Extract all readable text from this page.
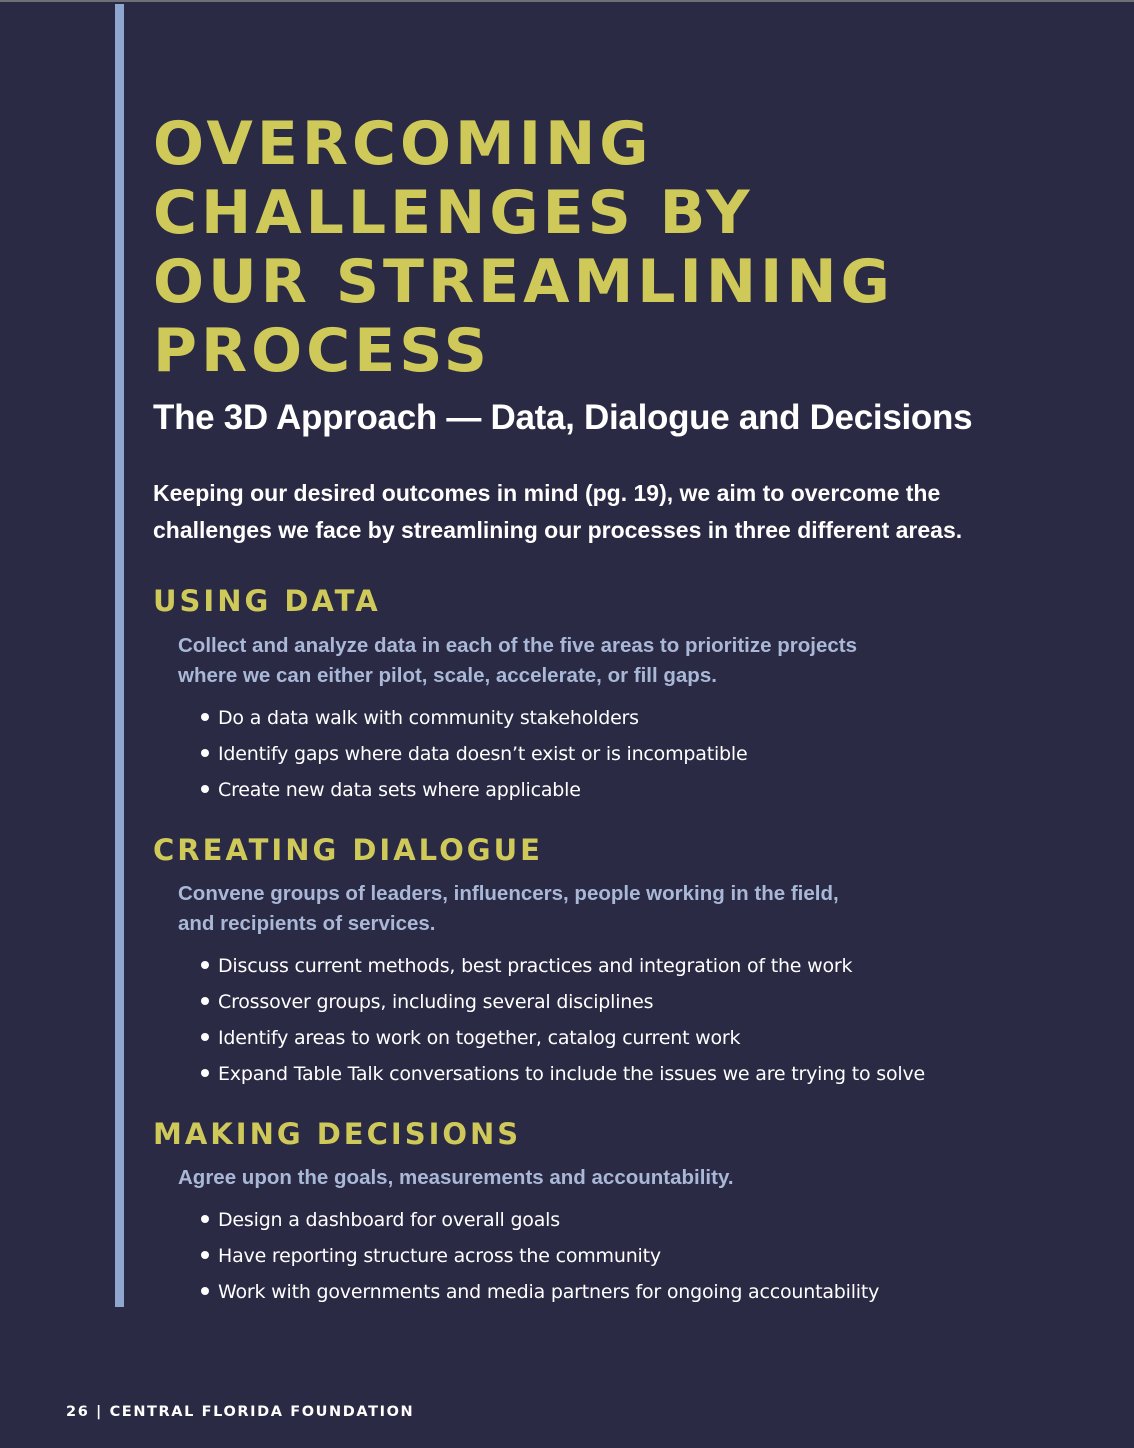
OVERCOMING
CHALLENGES BY
OUR STREAMLINING
PROCESS
The 3D Approach — Data, Dialogue and Decisions

Keeping our desired outcomes in mind (pg. 19), we aim to overcome the
challenges we face by streamlining our processes in three different areas.

USING DATA

Collect and analyze data in each of the five areas to prioritize projects
where we can either pilot, scale, accelerate, or fill gaps.

Do a data walk with community stakeholders
Identify gaps where data doesn’t exist or is incompatible
Create new data sets where applicable
CREATING DIALOGUE

Convene groups of leaders, influencers, people working in the field,
and recipients of services.

Discuss current methods, best practices and integration of the work
Crossover groups, including several disciplines
Identify areas to work on together, catalog current work
Expand Table Talk conversations to include the issues we are trying to solve
MAKING DECISIONS

Agree upon the goals, measurements and accountability.

Design a dashboard for overall goals
Have reporting structure across the community
Work with governments and media partners for ongoing accountability
26 | CENTRAL FLORIDA FOUNDATION
